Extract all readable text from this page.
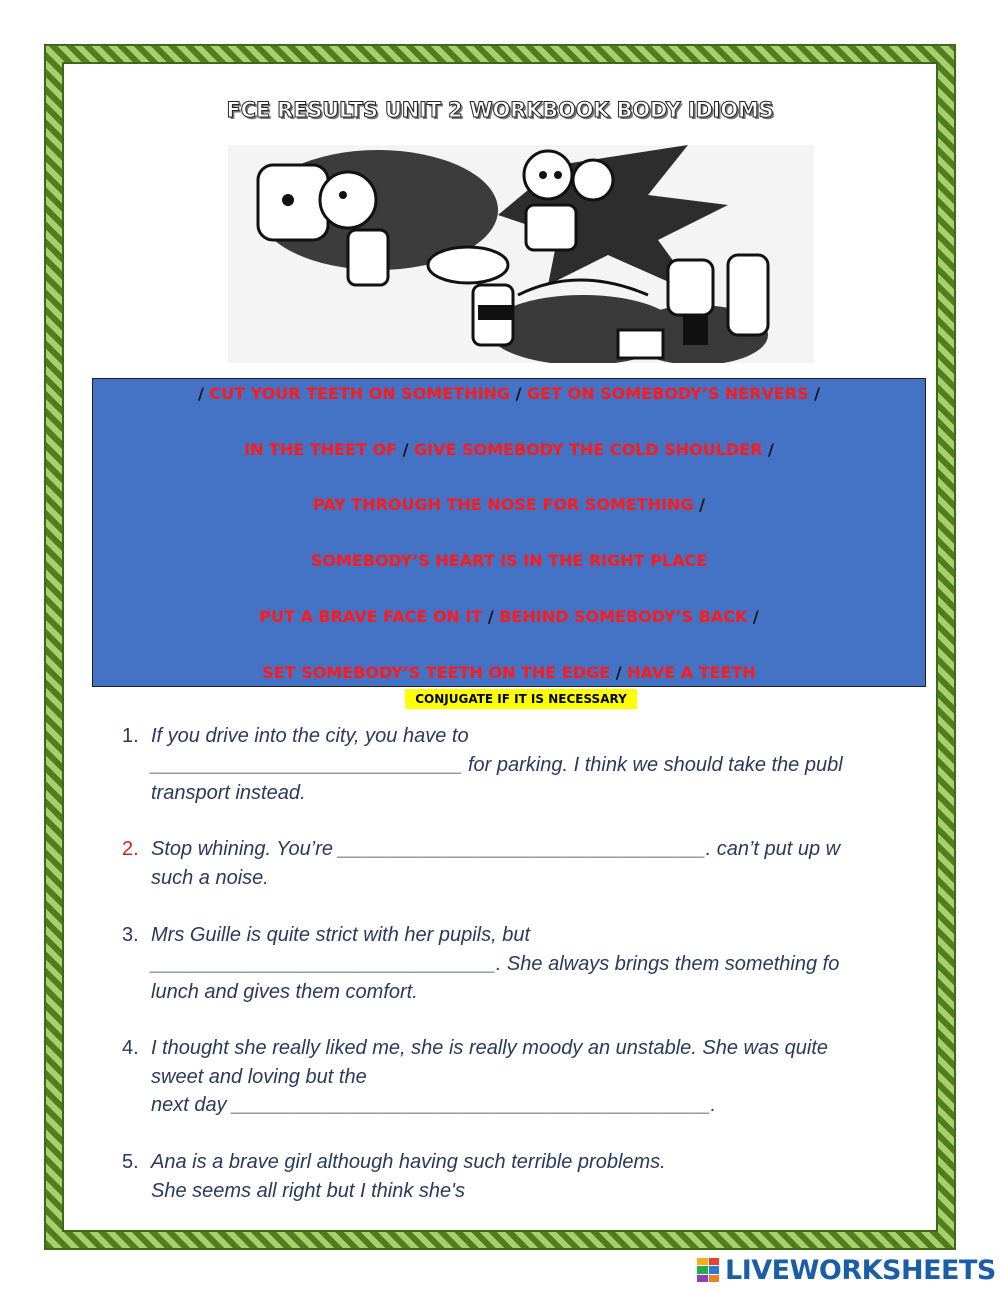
FCE RESULTS UNIT 2 WORKBOOK BODY IDIOMS
/ CUT YOUR TEETH ON SOMETHING / GET ON SOMEBODY’S NERVERS /
IN THE THEET OF / GIVE SOMEBODY THE COLD SHOULDER /
PAY THROUGH THE NOSE FOR SOMETHING /
SOMEBODY’S HEART IS IN THE RIGHT PLACE
PUT A BRAVE FACE ON IT / BEHIND SOMEBODY’S BACK /
SET SOMEBODY’S TEETH ON THE EDGE / HAVE A TEETH
CONJUGATE IF IT IS NECESSARY
1. If you drive into the city, you have to
____________________________ for parking. I think we should take the publ
transport instead.
2. Stop whining. You’re _________________________________. can’t put up w
such a noise.
3. Mrs Guille is quite strict with her pupils, but
_______________________________. She always brings them something fo
lunch and gives them comfort.
4. I thought she really liked me, she is really moody an unstable. She was quite
sweet and loving but the
next day ___________________________________________.
5. Ana is a brave girl although having such terrible problems.
She seems all right but I think she's
LIVEWORKSHEETS
